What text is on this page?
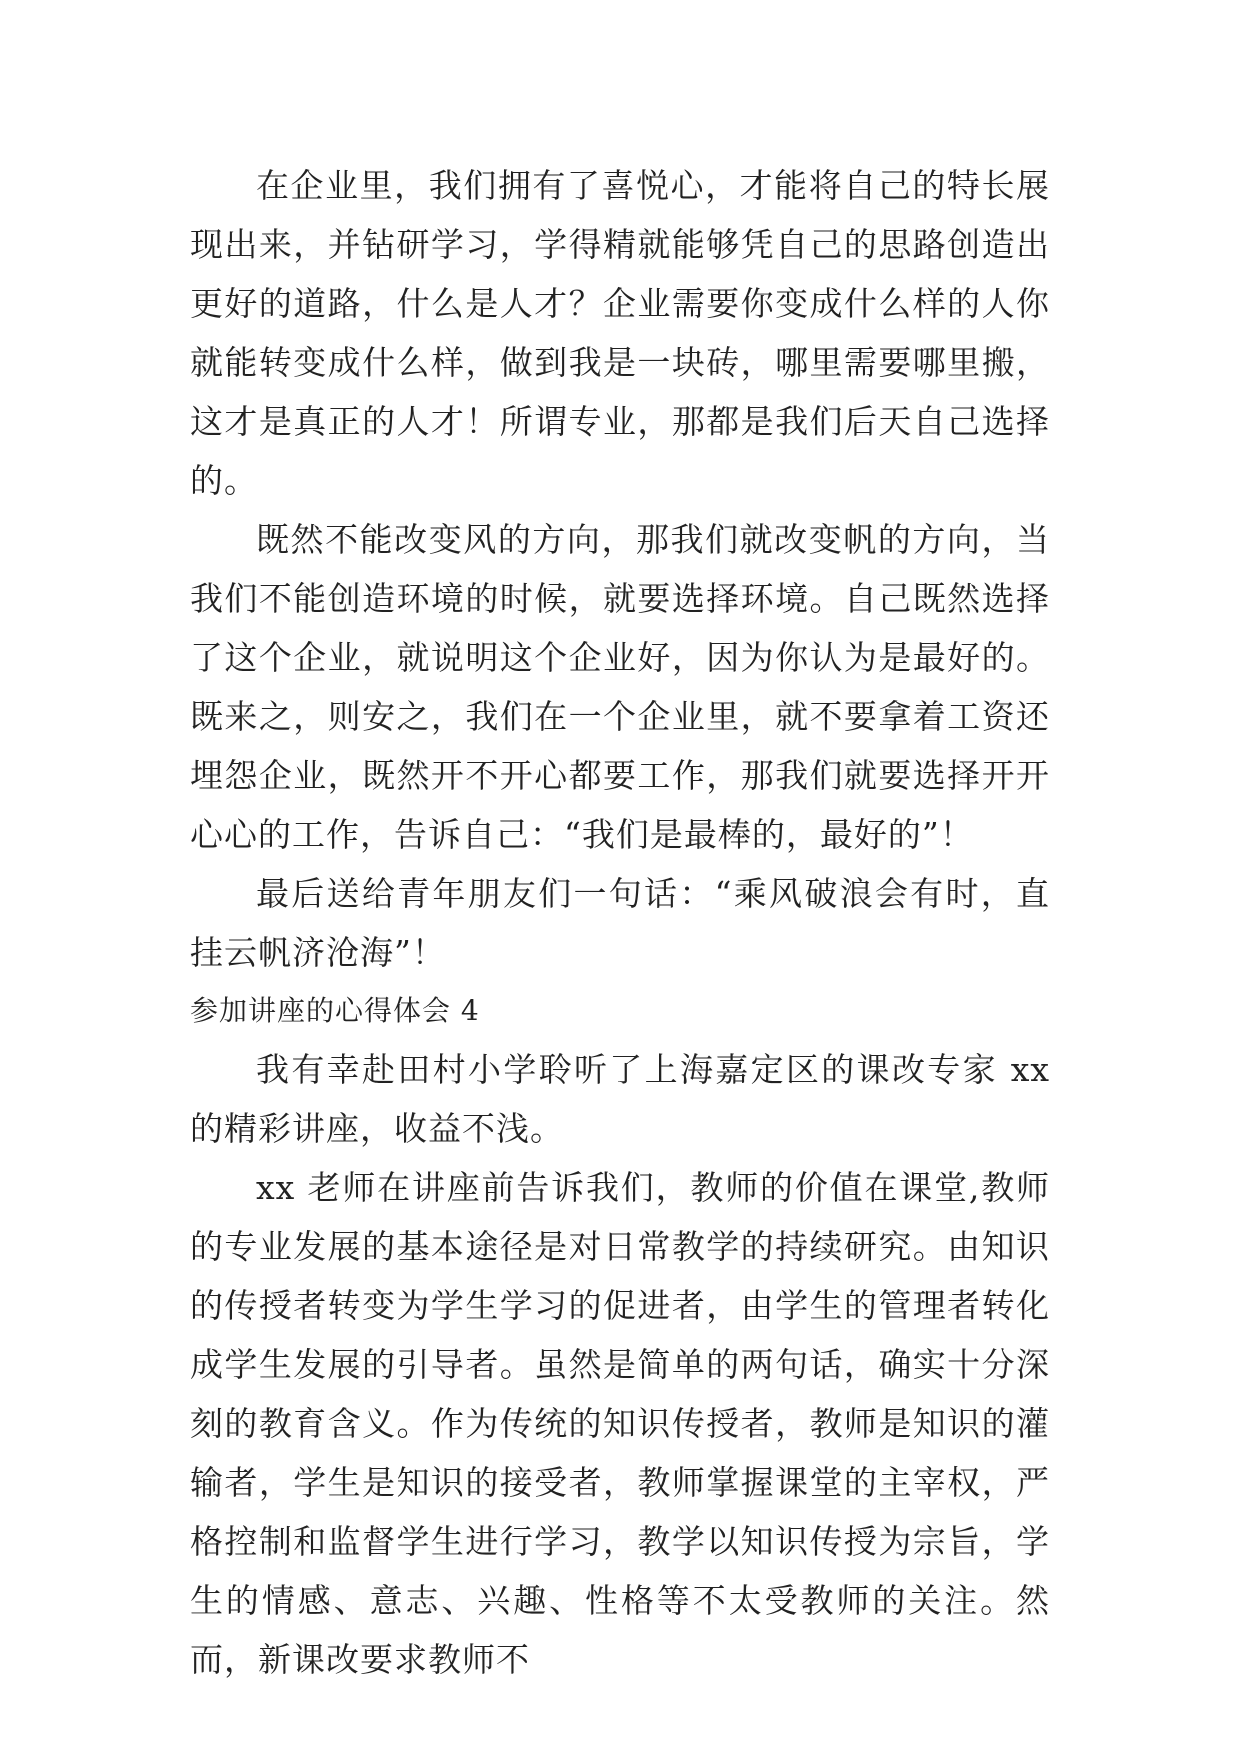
在企业里，我们拥有了喜悦心，才能将自己的特长展现出来，并钻研学习，学得精就能够凭自己的思路创造出更好的道路，什么是人才？企业需要你变成什么样的人你就能转变成什么样，做到我是一块砖，哪里需要哪里搬，这才是真正的人才！所谓专业，那都是我们后天自己选择的。

既然不能改变风的方向，那我们就改变帆的方向，当我们不能创造环境的时候，就要选择环境。自己既然选择了这个企业，就说明这个企业好，因为你认为是最好的。既来之，则安之，我们在一个企业里，就不要拿着工资还埋怨企业，既然开不开心都要工作，那我们就要选择开开心心的工作，告诉自己：“我们是最棒的，最好的”！

最后送给青年朋友们一句话：“乘风破浪会有时，直挂云帆济沧海”！

参加讲座的心得体会 4

我有幸赴田村小学聆听了上海嘉定区的课改专家 xx 的精彩讲座，收益不浅。

xx 老师在讲座前告诉我们，教师的价值在课堂,教师的专业发展的基本途径是对日常教学的持续研究。由知识的传授者转变为学生学习的促进者，由学生的管理者转化成学生发展的引导者。虽然是简单的两句话，确实十分深刻的教育含义。作为传统的知识传授者，教师是知识的灌输者，学生是知识的接受者，教师掌握课堂的主宰权，严格控制和监督学生进行学习，教学以知识传授为宗旨，学生的情感、意志、兴趣、性格等不太受教师的关注。然而，新课改要求教师不
